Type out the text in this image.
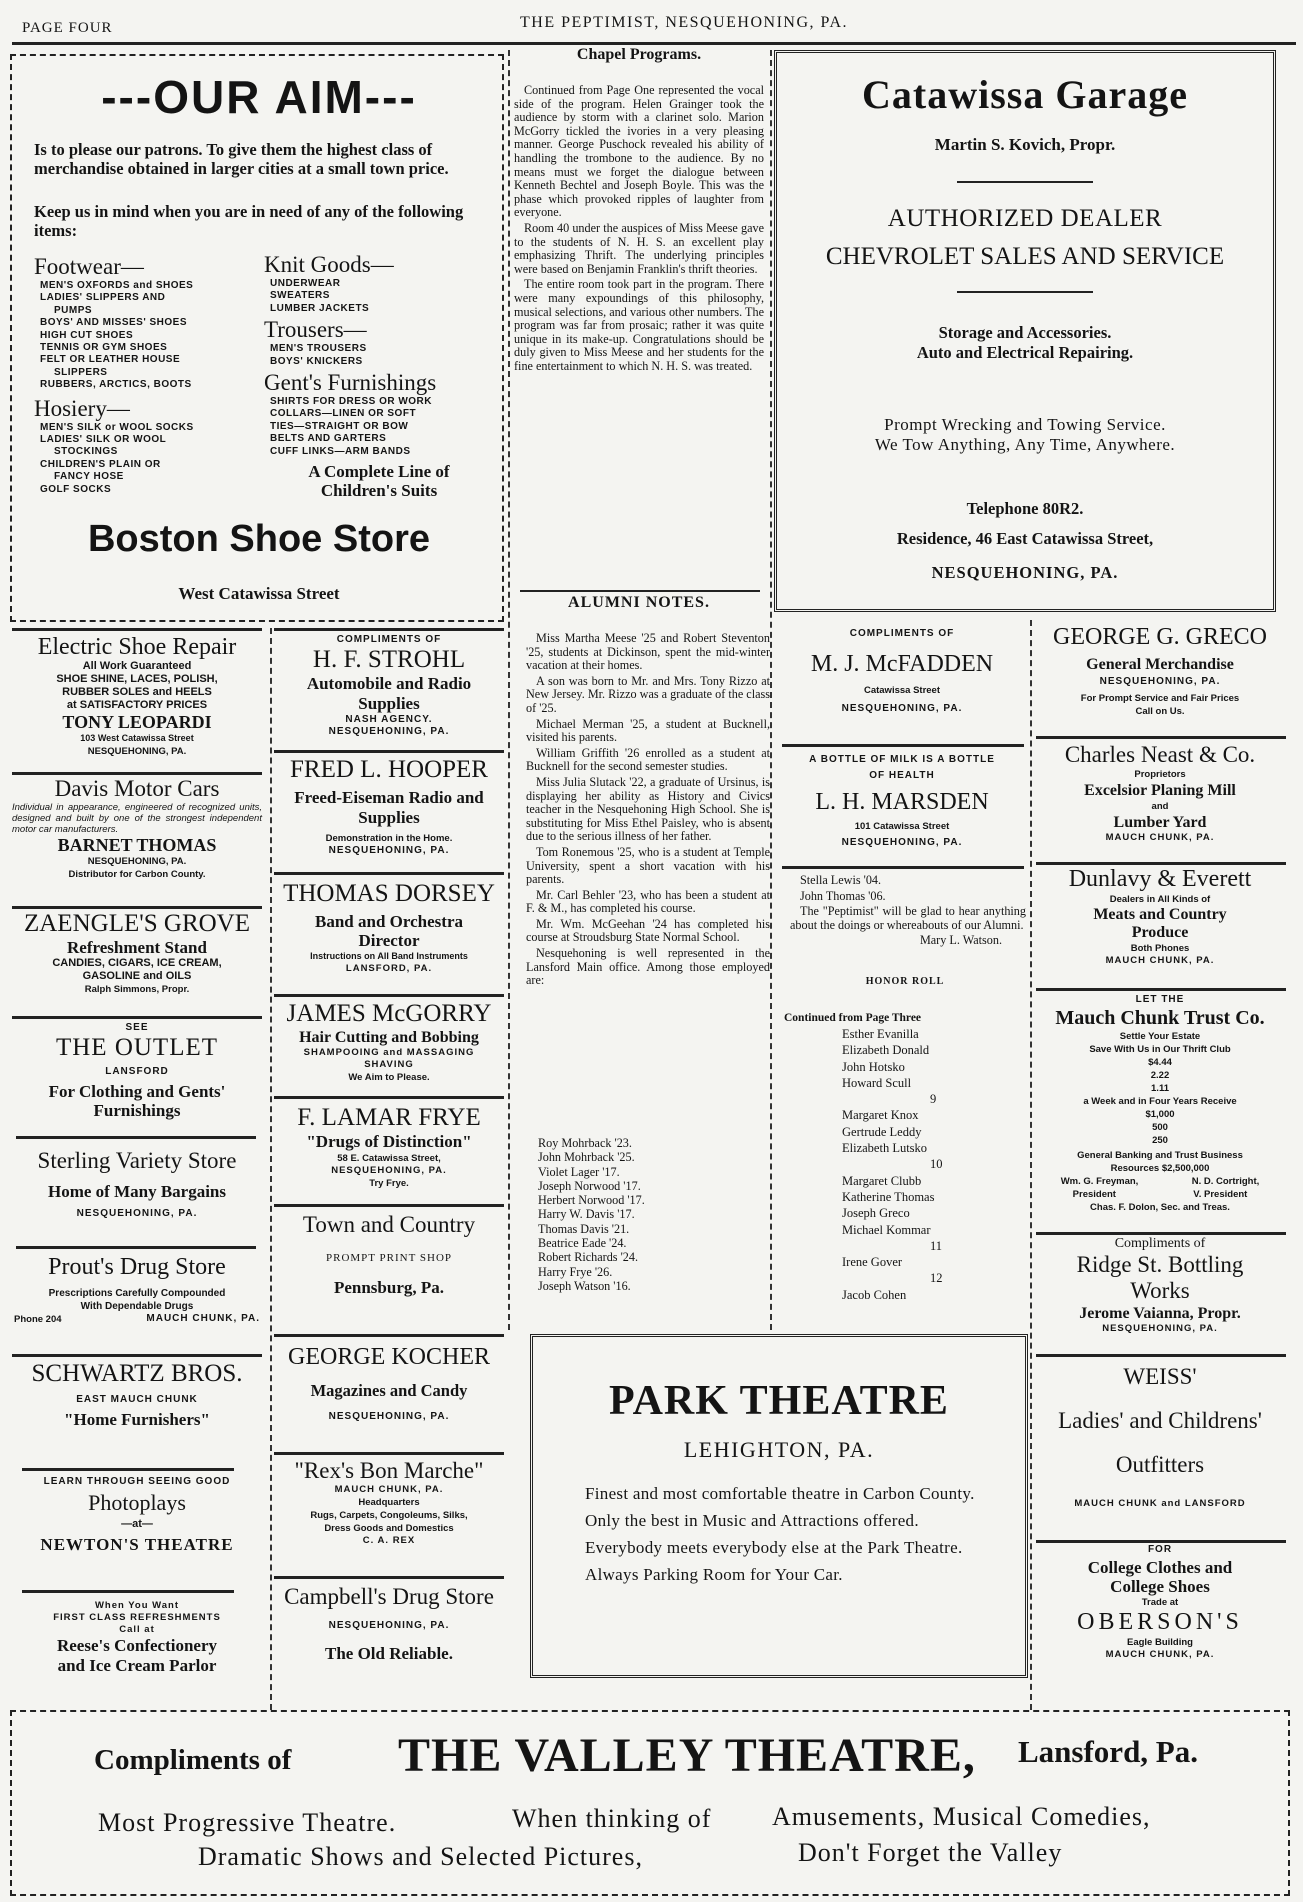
PAGE FOUR	THE PEPTIMIST, NESQUEHONING, PA.
---OUR AIM---
Is to please our patrons. To give them the highest class of merchandise obtained in larger cities at a small town price.
Keep us in mind when you are in need of any of the following items:
Footwear—
MEN'S OXFORDS and SHOES
LADIES' SLIPPERS AND
PUMPS
BOYS' AND MISSES' SHOES
HIGH CUT SHOES
TENNIS OR GYM SHOES
FELT OR LEATHER HOUSE
SLIPPERS
RUBBERS, ARCTICS, BOOTS
Hosiery—
MEN'S SILK or WOOL SOCKS
LADIES' SILK OR WOOL
STOCKINGS
CHILDREN'S PLAIN OR
FANCY HOSE
GOLF SOCKS
Knit Goods—
UNDERWEAR
SWEATERS
LUMBER JACKETS
Trousers—
MEN'S TROUSERS
BOYS' KNICKERS
Gent's Furnishings
SHIRTS FOR DRESS OR WORK
COLLARS—LINEN OR SOFT
TIES—STRAIGHT OR BOW
BELTS AND GARTERS
CUFF LINKS—ARM BANDS
A Complete Line of
Children's Suits
Boston Shoe Store
West Catawissa Street
Chapel Programs.

Continued from Page One represented the vocal side of the program. Helen Grainger took the audience by storm with a clarinet solo. Marion McGorry tickled the ivories in a very pleasing manner. George Puschock revealed his ability of handling the trombone to the audience. By no means must we forget the dialogue between Kenneth Bechtel and Joseph Boyle. This was the phase which provoked ripples of laughter from everyone.

Room 40 under the auspices of Miss Meese gave to the students of N. H. S. an excellent play emphasizing Thrift. The underlying principles were based on Benjamin Franklin's thrift theories.

The entire room took part in the program. There were many expoundings of this philosophy, musical selections, and various other numbers. The program was far from prosaic; rather it was quite unique in its make-up. Congratulations should be duly given to Miss Meese and her students for the fine entertainment to which N. H. S. was treated.

ALUMNI NOTES.

Miss Martha Meese '25 and Robert Steventon '25, students at Dickinson, spent the mid-winter vacation at their homes.

A son was born to Mr. and Mrs. Tony Rizzo at New Jersey. Mr. Rizzo was a graduate of the class of '25.

Michael Merman '25, a student at Bucknell, visited his parents.

William Griffith '26 enrolled as a student at Bucknell for the second semester studies.

Miss Julia Slutack '22, a graduate of Ursinus, is displaying her ability as History and Civics teacher in the Nesquehoning High School. She is substituting for Miss Ethel Paisley, who is absent due to the serious illness of her father.

Tom Ronemous '25, who is a student at Temple University, spent a short vacation with his parents.

Mr. Carl Behler '23, who has been a student at F. & M., has completed his course.

Mr. Wm. McGeehan '24 has completed his course at Stroudsburg State Normal School.

Nesquehoning is well represented in the Lansford Main office. Among those employed are:

Roy Mohrback '23.
John Mohrback '25.
Violet Lager '17.
Joseph Norwood '17.
Herbert Norwood '17.
Harry W. Davis '17.
Thomas Davis '21.
Beatrice Eade '24.
Robert Richards '24.
Harry Frye '26.
Joseph Watson '16.

Stella Lewis '04.

John Thomas '06.

The "Peptimist" will be glad to hear anything about the doings or whereabouts of our Alumni.

Mary L. Watson.
HONOR ROLL
Continued from Page Three
Esther Evanilla
Elizabeth Donald
John Hotsko
Howard Scull
9
Margaret Knox
Gertrude Leddy
Elizabeth Lutsko
10
Margaret Clubb
Katherine Thomas
Joseph Greco
Michael Kommar
11
Irene Gover
12
Jacob Cohen
Catawissa Garage
Martin S. Kovich, Propr.
AUTHORIZED DEALER
CHEVROLET SALES AND SERVICE
Storage and Accessories.
Auto and Electrical Repairing.
Prompt Wrecking and Towing Service.
We Tow Anything, Any Time, Anywhere.
Telephone 80R2.
Residence, 46 East Catawissa Street,
NESQUEHONING, PA.
Electric Shoe Repair
All Work Guaranteed
SHOE SHINE, LACES, POLISH,
RUBBER SOLES and HEELS
at SATISFACTORY PRICES
TONY LEOPARDI
103 West Catawissa Street
NESQUEHONING, PA.
Davis Motor Cars
Individual in appearance, engineered of recognized units, designed and built by one of the strongest independent motor car manufacturers.
BARNET THOMAS
NESQUEHONING, PA.
Distributor for Carbon County.
ZAENGLE'S GROVE
Refreshment Stand
CANDIES, CIGARS, ICE CREAM,
GASOLINE and OILS
Ralph Simmons, Propr.
SEE
THE OUTLET
LANSFORD
For Clothing and Gents'
Furnishings
Sterling Variety Store
Home of Many Bargains
NESQUEHONING, PA.
Prout's Drug Store
Prescriptions Carefully Compounded
With Dependable Drugs
Phone 204	MAUCH CHUNK, PA.
SCHWARTZ BROS.
EAST MAUCH CHUNK
"Home Furnishers"
LEARN THROUGH SEEING GOOD
Photoplays
—at—
NEWTON'S THEATRE
When You Want
FIRST CLASS REFRESHMENTS
Call at
Reese's Confectionery
and Ice Cream Parlor
COMPLIMENTS OF
H. F. STROHL
Automobile and Radio
Supplies
NASH AGENCY.
NESQUEHONING, PA.
FRED L. HOOPER
Freed-Eiseman Radio and
Supplies
Demonstration in the Home.
NESQUEHONING, PA.
THOMAS DORSEY
Band and Orchestra
Director
Instructions on All Band Instruments
LANSFORD, PA.
JAMES McGORRY
Hair Cutting and Bobbing
SHAMPOOING and MASSAGING
SHAVING
We Aim to Please.
F. LAMAR FRYE
"Drugs of Distinction"
58 E. Catawissa Street,
NESQUEHONING, PA.
Try Frye.
Town and Country
PROMPT PRINT SHOP
Pennsburg, Pa.
GEORGE KOCHER
Magazines and Candy
NESQUEHONING, PA.
"Rex's Bon Marche"
MAUCH CHUNK, PA.
Headquarters
Rugs, Carpets, Congoleums, Silks,
Dress Goods and Domestics
C. A. REX
Campbell's Drug Store
NESQUEHONING, PA.
The Old Reliable.
COMPLIMENTS OF
M. J. McFADDEN
Catawissa Street
NESQUEHONING, PA.
A BOTTLE OF MILK IS A BOTTLE
OF HEALTH
L. H. MARSDEN
101 Catawissa Street
NESQUEHONING, PA.
GEORGE G. GRECO
General Merchandise
NESQUEHONING, PA.
For Prompt Service and Fair Prices
Call on Us.
Charles Neast & Co.
Proprietors
Excelsior Planing Mill
and
Lumber Yard
MAUCH CHUNK, PA.
Dunlavy & Everett
Dealers in All Kinds of
Meats and Country
Produce
Both Phones
MAUCH CHUNK, PA.
LET THE
Mauch Chunk Trust Co.
Settle Your Estate
Save With Us in Our Thrift Club
$4.44
2.22
1.11
a Week and in Four Years Receive
$1,000
500
250
General Banking and Trust Business
Resources $2,500,000
Wm. G. Freyman,	N. D. Cortright,
President	V. President
Chas. F. Dolon, Sec. and Treas.
Compliments of
Ridge St. Bottling
Works
Jerome Vaianna, Propr.
NESQUEHONING, PA.
WEISS'
Ladies' and Childrens'
Outfitters
MAUCH CHUNK and LANSFORD
FOR
College Clothes and
College Shoes
Trade at
OBERSON'S
Eagle Building
MAUCH CHUNK, PA.
PARK THEATRE
LEHIGHTON, PA.
Finest and most comfortable theatre in Carbon County.
Only the best in Music and Attractions offered.
Everybody meets everybody else at the Park Theatre.
Always Parking Room for Your Car.
Compliments of THE VALLEY THEATRE, Lansford, Pa.
Most Progressive Theatre.	When thinking of Amusements, Musical Comedies,
Dramatic Shows and Selected Pictures,	Don't Forget the Valley
